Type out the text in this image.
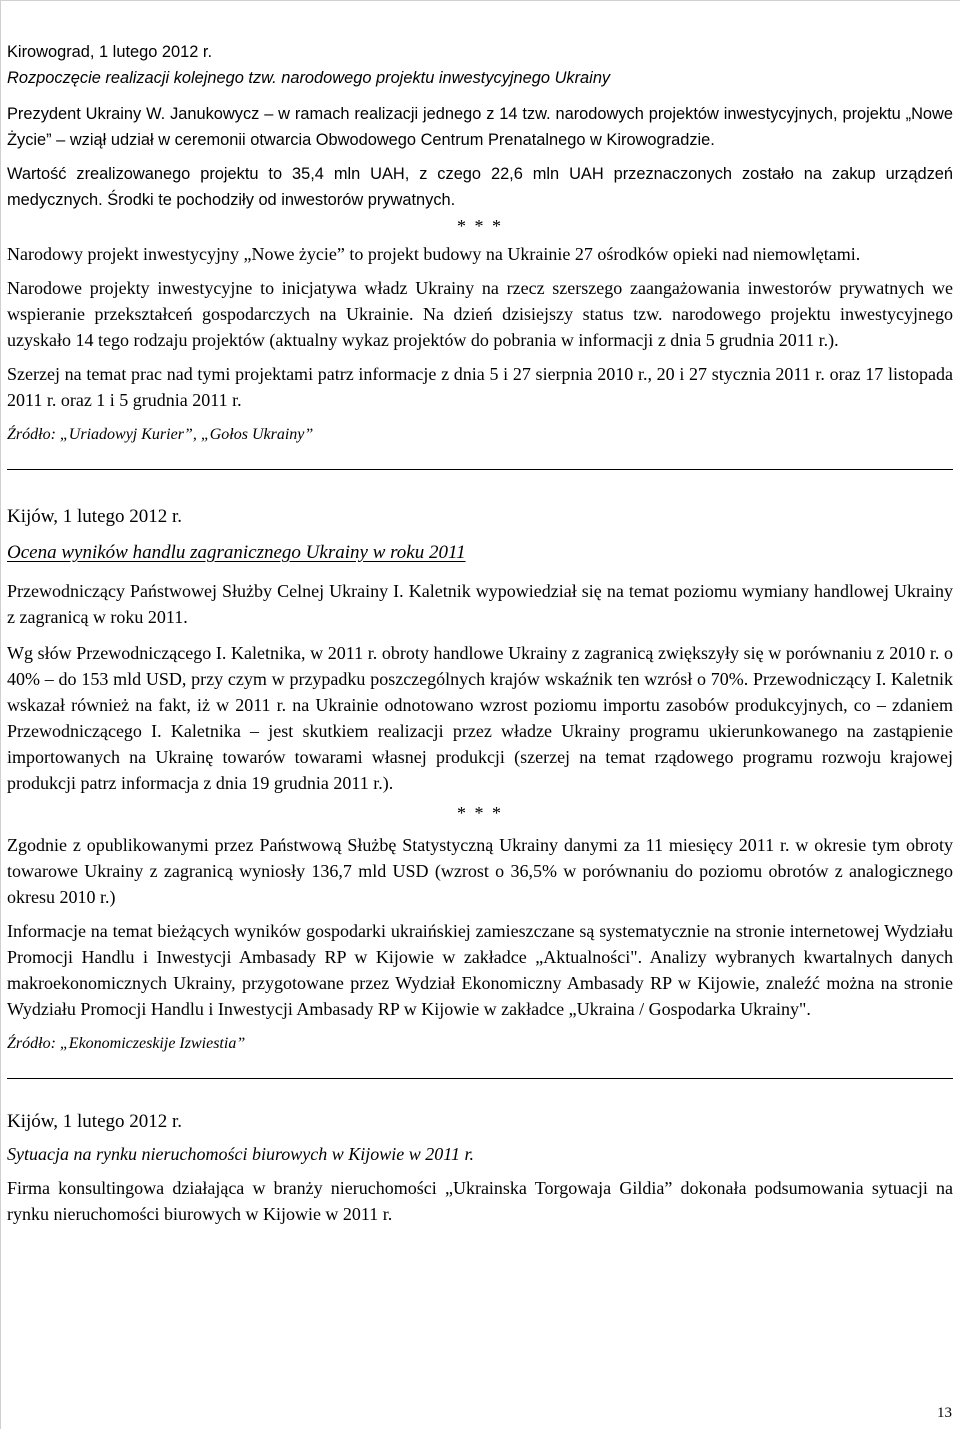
Kirowograd, 1 lutego 2012 r.

Rozpoczęcie realizacji kolejnego tzw. narodowego projektu inwestycyjnego Ukrainy

Prezydent Ukrainy W. Janukowycz – w ramach realizacji jednego z 14 tzw. narodowych projektów inwestycyjnych, projektu „Nowe Życie” – wziął udział w ceremonii otwarcia Obwodowego Centrum Prenatalnego w Kirowogradzie.

Wartość zrealizowanego projektu to 35,4 mln UAH, z czego 22,6 mln UAH przeznaczonych zostało na zakup urządzeń medycznych. Środki te pochodziły od inwestorów prywatnych.

* * *

Narodowy projekt inwestycyjny „Nowe życie” to projekt budowy na Ukrainie 27 ośrodków opieki nad niemowlętami.

Narodowe projekty inwestycyjne to inicjatywa władz Ukrainy na rzecz szerszego zaangażowania inwestorów prywatnych we wspieranie przekształceń gospodarczych na Ukrainie. Na dzień dzisiejszy status tzw. narodowego projektu inwestycyjnego uzyskało 14 tego rodzaju projektów (aktualny wykaz projektów do pobrania w informacji z dnia 5 grudnia 2011 r.).

Szerzej na temat prac nad tymi projektami patrz informacje z dnia 5 i 27 sierpnia 2010 r., 20 i 27 stycznia 2011 r. oraz 17 listopada 2011 r. oraz 1 i 5 grudnia 2011 r.

Źródło: „Uriadowyj Kurier”, „Gołos Ukrainy”

Kijów, 1 lutego 2012 r.

Ocena wyników handlu zagranicznego Ukrainy w roku 2011

Przewodniczący Państwowej Służby Celnej Ukrainy I. Kaletnik wypowiedział się na temat poziomu wymiany handlowej Ukrainy z zagranicą w roku 2011.

Wg słów Przewodniczącego I. Kaletnika, w 2011 r. obroty handlowe Ukrainy z zagranicą zwiększyły się w porównaniu z 2010 r. o 40% – do 153 mld USD, przy czym w przypadku poszczególnych krajów wskaźnik ten wzrósł o 70%. Przewodniczący I. Kaletnik wskazał również na fakt, iż w 2011 r. na Ukrainie odnotowano wzrost poziomu importu zasobów produkcyjnych, co – zdaniem Przewodniczącego I. Kaletnika – jest skutkiem realizacji przez władze Ukrainy programu ukierunkowanego na zastąpienie importowanych na Ukrainę towarów towarami własnej produkcji (szerzej na temat rządowego programu rozwoju krajowej produkcji patrz informacja z dnia 19 grudnia 2011 r.).

* * *

Zgodnie z opublikowanymi przez Państwową Służbę Statystyczną Ukrainy danymi za 11 miesięcy 2011 r. w okresie tym obroty towarowe Ukrainy z zagranicą wyniosły 136,7 mld USD (wzrost o 36,5% w porównaniu do poziomu obrotów z analogicznego okresu 2010 r.)

Informacje na temat bieżących wyników gospodarki ukraińskiej zamieszczane są systematycznie na stronie internetowej Wydziału Promocji Handlu i Inwestycji Ambasady RP w Kijowie w zakładce „Aktualności". Analizy wybranych kwartalnych danych makroekonomicznych Ukrainy, przygotowane przez Wydział Ekonomiczny Ambasady RP w Kijowie, znaleźć można na stronie Wydziału Promocji Handlu i Inwestycji Ambasady RP w Kijowie w zakładce „Ukraina / Gospodarka Ukrainy".

Źródło: „Ekonomiczeskije Izwiestia”

Kijów, 1 lutego 2012 r.

Sytuacja na rynku nieruchomości biurowych w Kijowie w 2011 r.

Firma konsultingowa działająca w branży nieruchomości „Ukrainska Torgowaja Gildia” dokonała podsumowania sytuacji na rynku nieruchomości biurowych w Kijowie w 2011 r.

13
